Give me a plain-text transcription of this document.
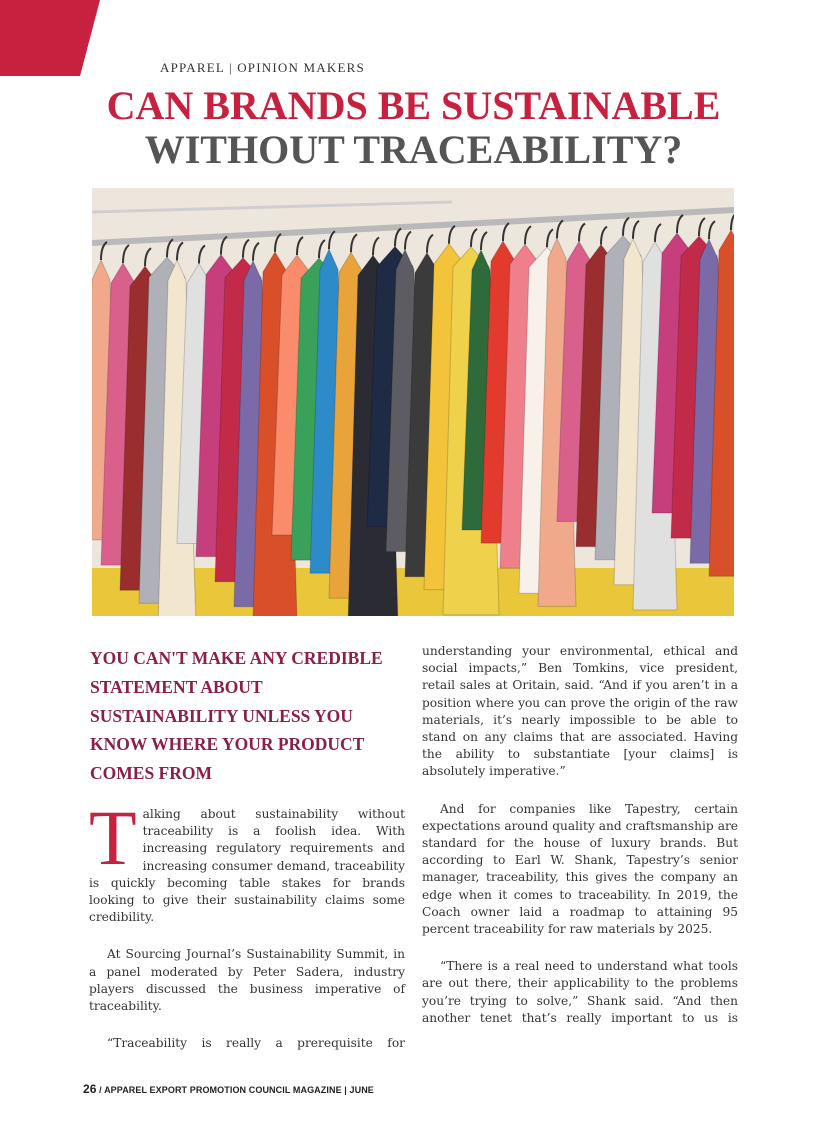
A APPAREL | OPINION MAKERS
CAN BRANDS BE SUSTAINABLE
WITHOUT TRACEABILITY?
YOU CAN'T MAKE ANY CREDIBLE STATEMENT ABOUT SUSTAINABILITY UNLESS YOU KNOW WHERE YOUR PRODUCT COMES FROM

Talking about sustainability without traceability is a foolish idea. With increasing regulatory requirements and increasing consumer demand, traceability is quickly becoming table stakes for brands looking to give their sustainability claims some credibility.

At Sourcing Journal’s Sustainability Summit, in a panel moderated by Peter Sadera, industry players discussed the business imperative of traceability.

“Traceability is really a prerequisite for

understanding your environmental, ethical and social impacts,” Ben Tomkins, vice president, retail sales at Oritain, said. “And if you aren’t in a position where you can prove the origin of the raw materials, it’s nearly impossible to be able to stand on any claims that are associated. Having the ability to substantiate [your claims] is absolutely imperative.”

And for companies like Tapestry, certain expectations around quality and craftsmanship are standard for the house of luxury brands. But according to Earl W. Shank, Tapestry’s senior manager, traceability, this gives the company an edge when it comes to traceability. In 2019, the Coach owner laid a roadmap to attaining 95 percent traceability for raw materials by 2025.

“There is a real need to understand what tools are out there, their applicability to the problems you’re trying to solve,” Shank said. “And then another tenet that’s really important to us is

26 / APPAREL EXPORT PROMOTION COUNCIL MAGAZINE | JUNE
